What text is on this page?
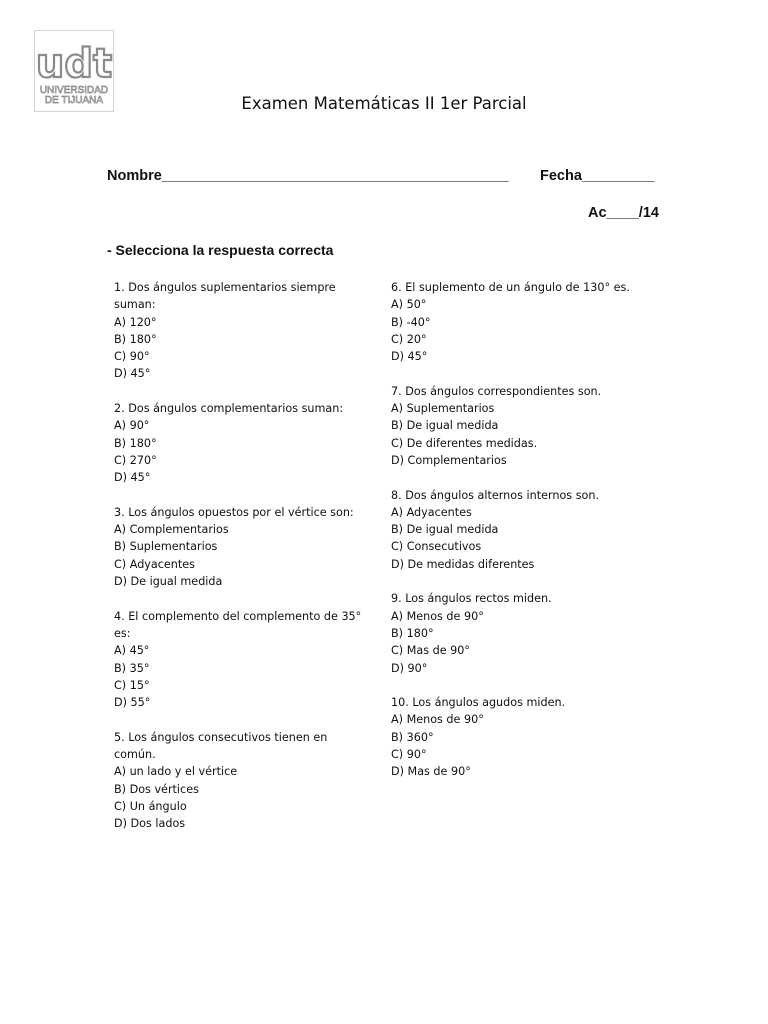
udt
UNIVERSIDAD
DE TIJUANA	Examen Matemáticas II 1er Parcial
Nombre___________________________________________ Fecha_________
Ac____/14
- Selecciona la respuesta correcta
1. Dos ángulos suplementarios siempre suman:
A) 120°
B) 180°
C) 90°
D) 45°
2. Dos ángulos complementarios suman:
A) 90°
B) 180°
C) 270°
D) 45°
3. Los ángulos opuestos por el vértice son:
A) Complementarios
B) Suplementarios
C) Adyacentes
D) De igual medida
4. El complemento del complemento de 35° es:
A) 45°
B) 35°
C) 15°
D) 55°
5. Los ángulos consecutivos tienen en común.
A) un lado y el vértice
B) Dos vértices
C) Un ángulo
D) Dos lados
6. El suplemento de un ángulo de 130° es.
A) 50°
B) -40°
C) 20°
D) 45°
7. Dos ángulos correspondientes son.
A) Suplementarios
B) De igual medida
C) De diferentes medidas.
D) Complementarios
8. Dos ángulos alternos internos son.
A) Adyacentes
B) De igual medida
C) Consecutivos
D) De medidas diferentes
9. Los ángulos rectos miden.
A) Menos de 90°
B) 180°
C) Mas de 90°
D) 90°
10. Los ángulos agudos miden.
A) Menos de 90°
B) 360°
C) 90°
D) Mas de 90°
